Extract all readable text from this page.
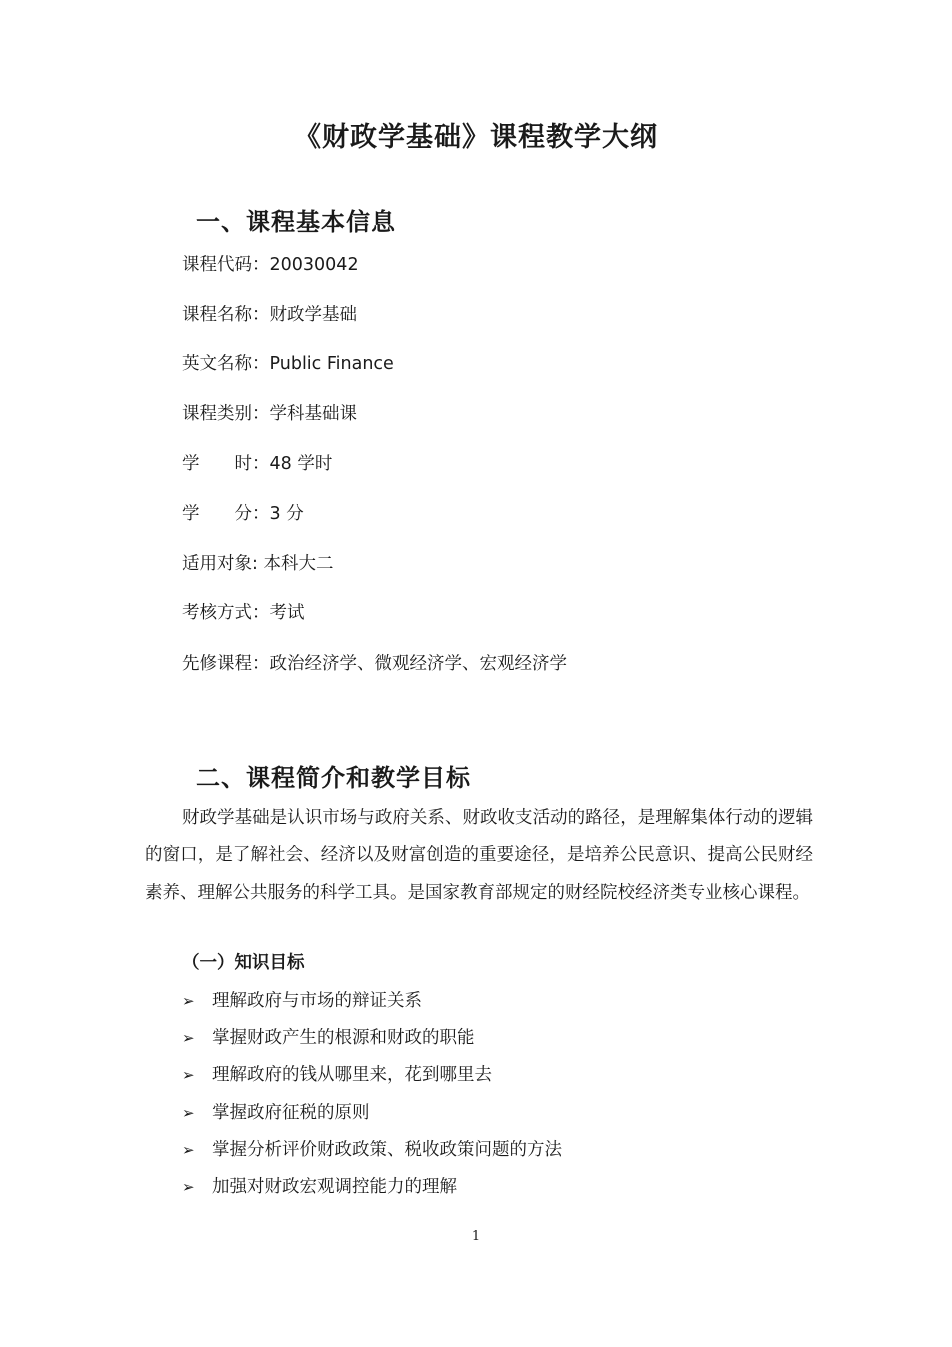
《财政学基础》课程教学大纲
一、课程基本信息
课程代码：20030042
课程名称：财政学基础
英文名称：Public Finance
课程类别：学科基础课
学　　时：48 学时
学　　分：3 分
适用对象: 本科大二
考核方式：考试
先修课程：政治经济学、微观经济学、宏观经济学
二、课程简介和教学目标

财政学基础是认识市场与政府关系、财政收支活动的路径，是理解集体行动的逻辑的窗口，是了解社会、经济以及财富创造的重要途径，是培养公民意识、提高公民财经素养、理解公共服务的科学工具。是国家教育部规定的财经院校经济类专业核心课程。

（一）知识目标
➢ 理解政府与市场的辩证关系
➢ 掌握财政产生的根源和财政的职能
➢ 理解政府的钱从哪里来，花到哪里去
➢ 掌握政府征税的原则
➢ 掌握分析评价财政政策、税收政策问题的方法
➢ 加强对财政宏观调控能力的理解
1
